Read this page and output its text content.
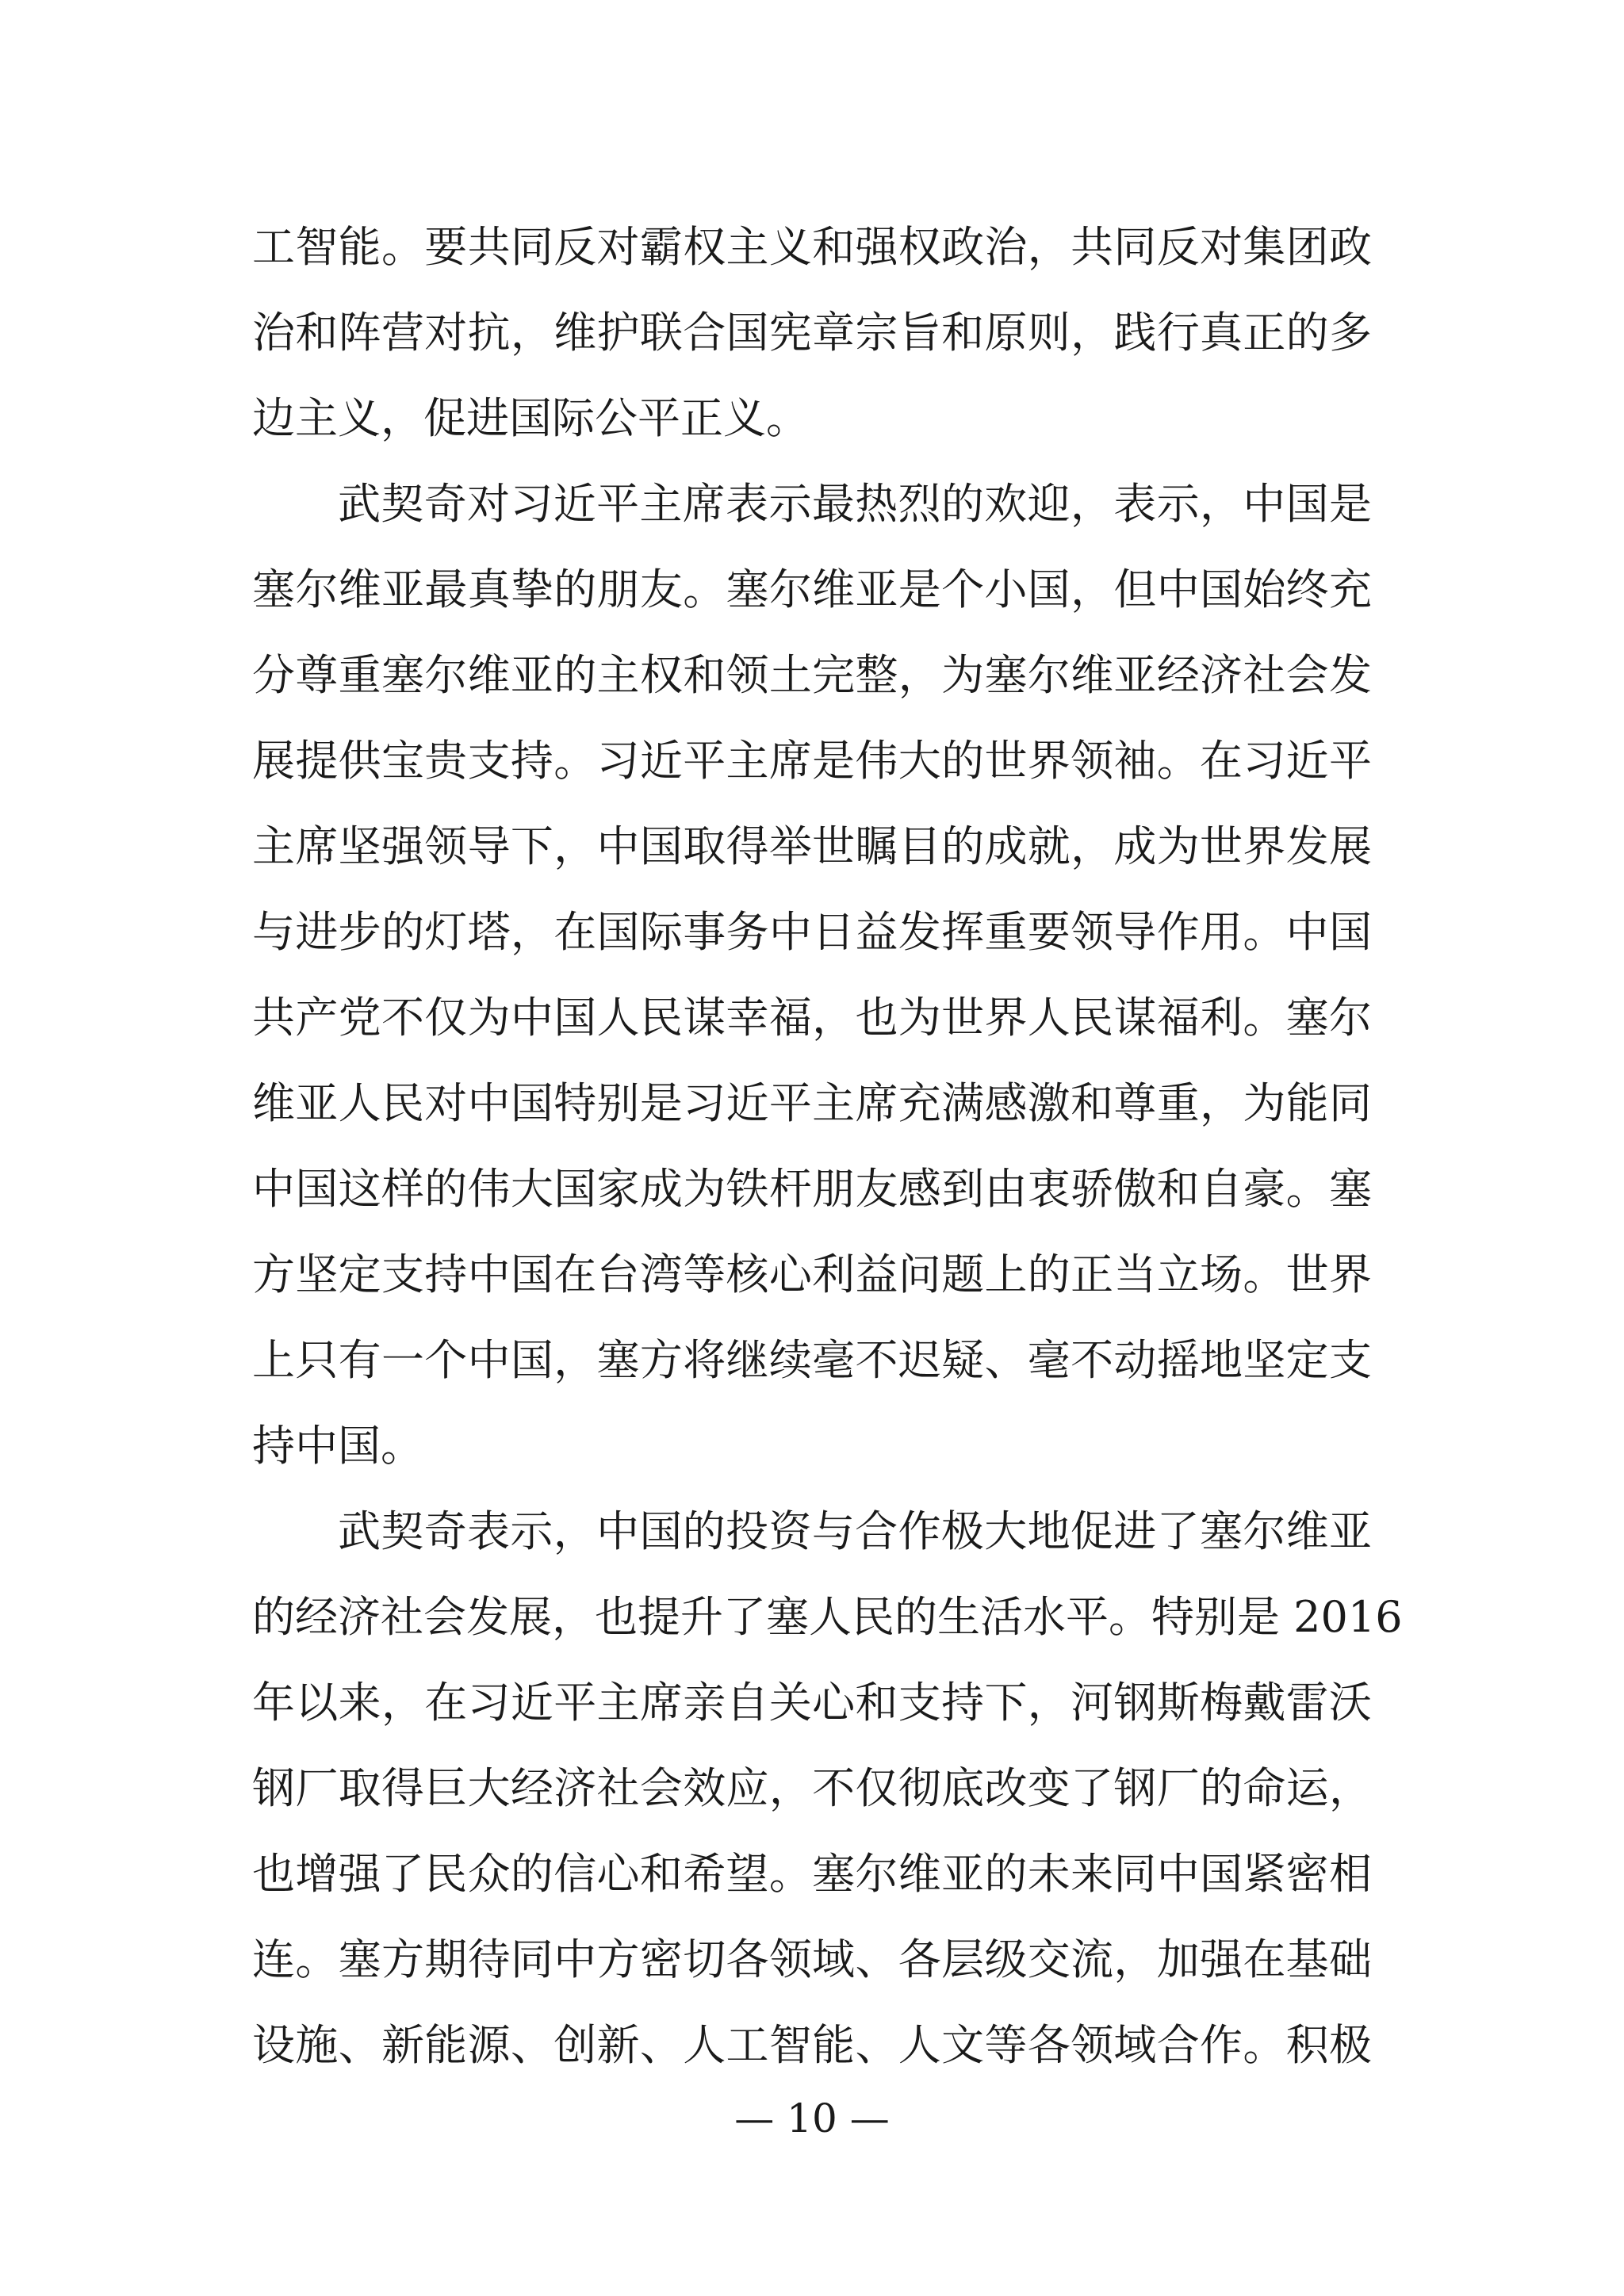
工智能。要共同反对霸权主义和强权政治，共同反对集团政
治和阵营对抗，维护联合国宪章宗旨和原则，践行真正的多
边主义，促进国际公平正义。
武契奇对习近平主席表示最热烈的欢迎，表示，中国是
塞尔维亚最真挚的朋友。塞尔维亚是个小国，但中国始终充
分尊重塞尔维亚的主权和领土完整，为塞尔维亚经济社会发
展提供宝贵支持。习近平主席是伟大的世界领袖。在习近平
主席坚强领导下，中国取得举世瞩目的成就，成为世界发展
与进步的灯塔，在国际事务中日益发挥重要领导作用。中国
共产党不仅为中国人民谋幸福，也为世界人民谋福利。塞尔
维亚人民对中国特别是习近平主席充满感激和尊重，为能同
中国这样的伟大国家成为铁杆朋友感到由衷骄傲和自豪。塞
方坚定支持中国在台湾等核心利益问题上的正当立场。世界
上只有一个中国，塞方将继续毫不迟疑、毫不动摇地坚定支
持中国。
武契奇表示，中国的投资与合作极大地促进了塞尔维亚
的经济社会发展，也提升了塞人民的生活水平。特别是 2016
年以来，在习近平主席亲自关心和支持下，河钢斯梅戴雷沃
钢厂取得巨大经济社会效应，不仅彻底改变了钢厂的命运，
也增强了民众的信心和希望。塞尔维亚的未来同中国紧密相
连。塞方期待同中方密切各领域、各层级交流，加强在基础
设施、新能源、创新、人工智能、人文等各领域合作。积极
— 10 —
